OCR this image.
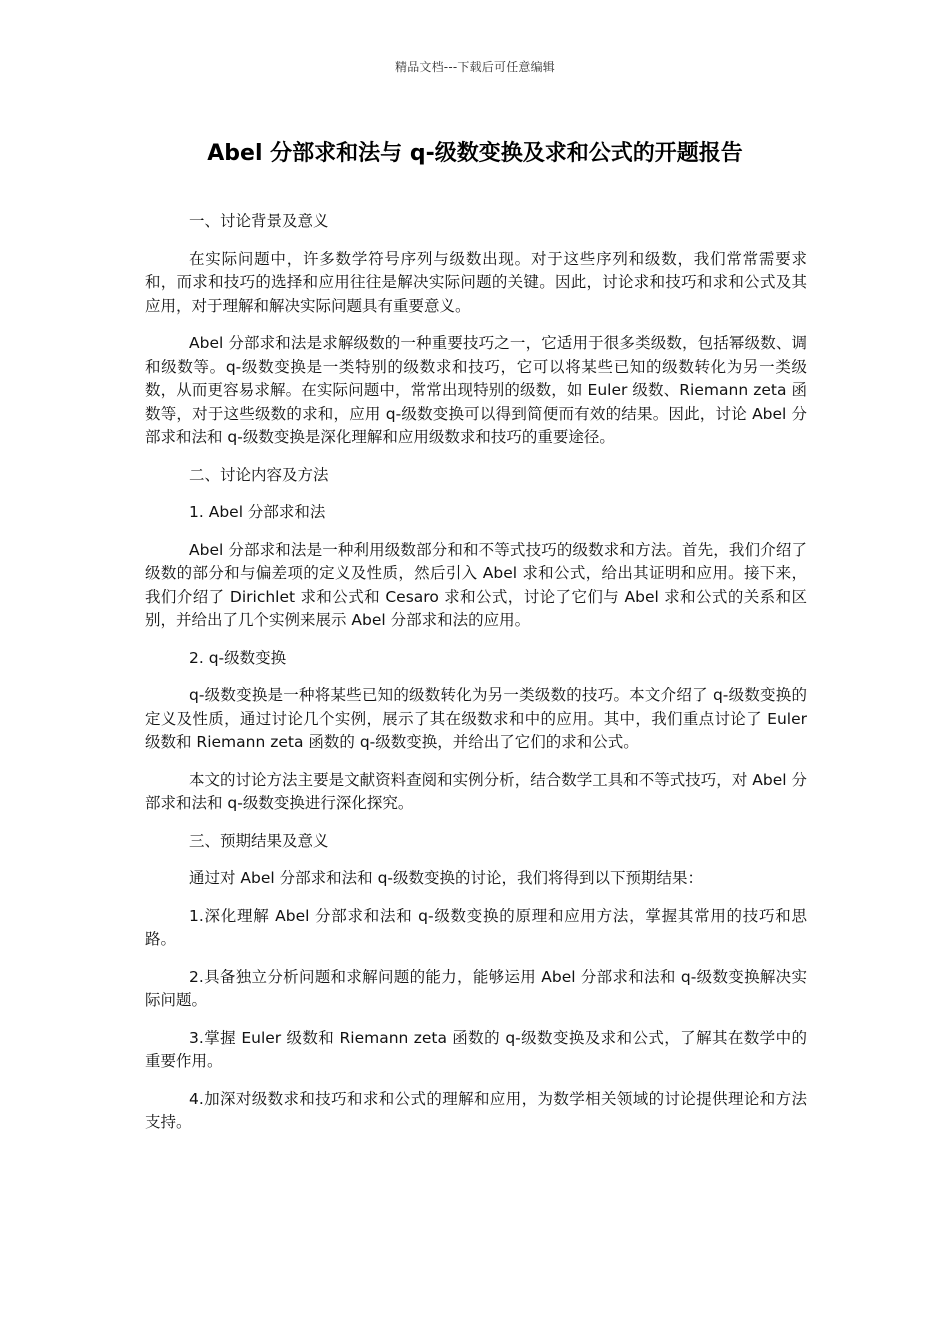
精品文档---下载后可任意编辑
Abel 分部求和法与 q-级数变换及求和公式的开题报告

一、讨论背景及意义

在实际问题中，许多数学符号序列与级数出现。对于这些序列和级数，我们常常需要求和，而求和技巧的选择和应用往往是解决实际问题的关键。因此，讨论求和技巧和求和公式及其应用，对于理解和解决实际问题具有重要意义。

Abel 分部求和法是求解级数的一种重要技巧之一，它适用于很多类级数，包括幂级数、调和级数等。q-级数变换是一类特别的级数求和技巧，它可以将某些已知的级数转化为另一类级数，从而更容易求解。在实际问题中，常常出现特别的级数，如 Euler 级数、Riemann zeta 函数等，对于这些级数的求和，应用 q-级数变换可以得到简便而有效的结果。因此，讨论 Abel 分部求和法和 q-级数变换是深化理解和应用级数求和技巧的重要途径。

二、讨论内容及方法

1. Abel 分部求和法

Abel 分部求和法是一种利用级数部分和和不等式技巧的级数求和方法。首先，我们介绍了级数的部分和与偏差项的定义及性质，然后引入 Abel 求和公式，给出其证明和应用。接下来，我们介绍了 Dirichlet 求和公式和 Cesaro 求和公式，讨论了它们与 Abel 求和公式的关系和区别，并给出了几个实例来展示 Abel 分部求和法的应用。

2. q-级数变换

q-级数变换是一种将某些已知的级数转化为另一类级数的技巧。本文介绍了 q-级数变换的定义及性质，通过讨论几个实例，展示了其在级数求和中的应用。其中，我们重点讨论了 Euler 级数和 Riemann zeta 函数的 q-级数变换，并给出了它们的求和公式。

本文的讨论方法主要是文献资料查阅和实例分析，结合数学工具和不等式技巧，对 Abel 分部求和法和 q-级数变换进行深化探究。

三、预期结果及意义

通过对 Abel 分部求和法和 q-级数变换的讨论，我们将得到以下预期结果：

1.深化理解 Abel 分部求和法和 q-级数变换的原理和应用方法，掌握其常用的技巧和思路。

2.具备独立分析问题和求解问题的能力，能够运用 Abel 分部求和法和 q-级数变换解决实际问题。

3.掌握 Euler 级数和 Riemann zeta 函数的 q-级数变换及求和公式，了解其在数学中的重要作用。

4.加深对级数求和技巧和求和公式的理解和应用，为数学相关领域的讨论提供理论和方法支持。
